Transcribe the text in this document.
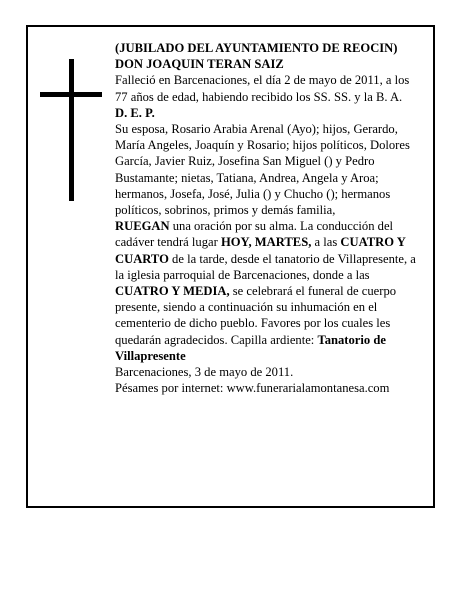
(JUBILADO DEL AYUNTAMIENTO DE REOCIN)

DON JOAQUIN TERAN SAIZ

Falleció en Barcenaciones, el día 2 de mayo de 2011, a los 77 años de edad, habiendo recibido los SS. SS. y la B. A.

D. E. P.

Su esposa, Rosario Arabia Arenal (Ayo); hijos, Gerardo, María Angeles, Joaquín y Rosario; hijos políticos, Dolores García, Javier Ruiz, Josefina San Miguel () y Pedro Bustamante; nietas, Tatiana, Andrea, Angela y Aroa; hermanos, Josefa, José, Julia () y Chucho (); hermanos políticos, sobrinos, primos y demás familia,

RUEGAN una oración por su alma. La conducción del cadáver tendrá lugar HOY, MARTES, a las CUATRO Y CUARTO de la tarde, desde el tanatorio de Villapresente, a la iglesia parroquial de Barcenaciones, donde a las CUATRO Y MEDIA, se celebrará el funeral de cuerpo presente, siendo a continuación su inhumación en el cementerio de dicho pueblo. Favores por los cuales les quedarán agradecidos. Capilla ardiente: Tanatorio de Villapresente

Barcenaciones, 3 de mayo de 2011.

Pésames por internet: www.funerarialamontanesa.com
